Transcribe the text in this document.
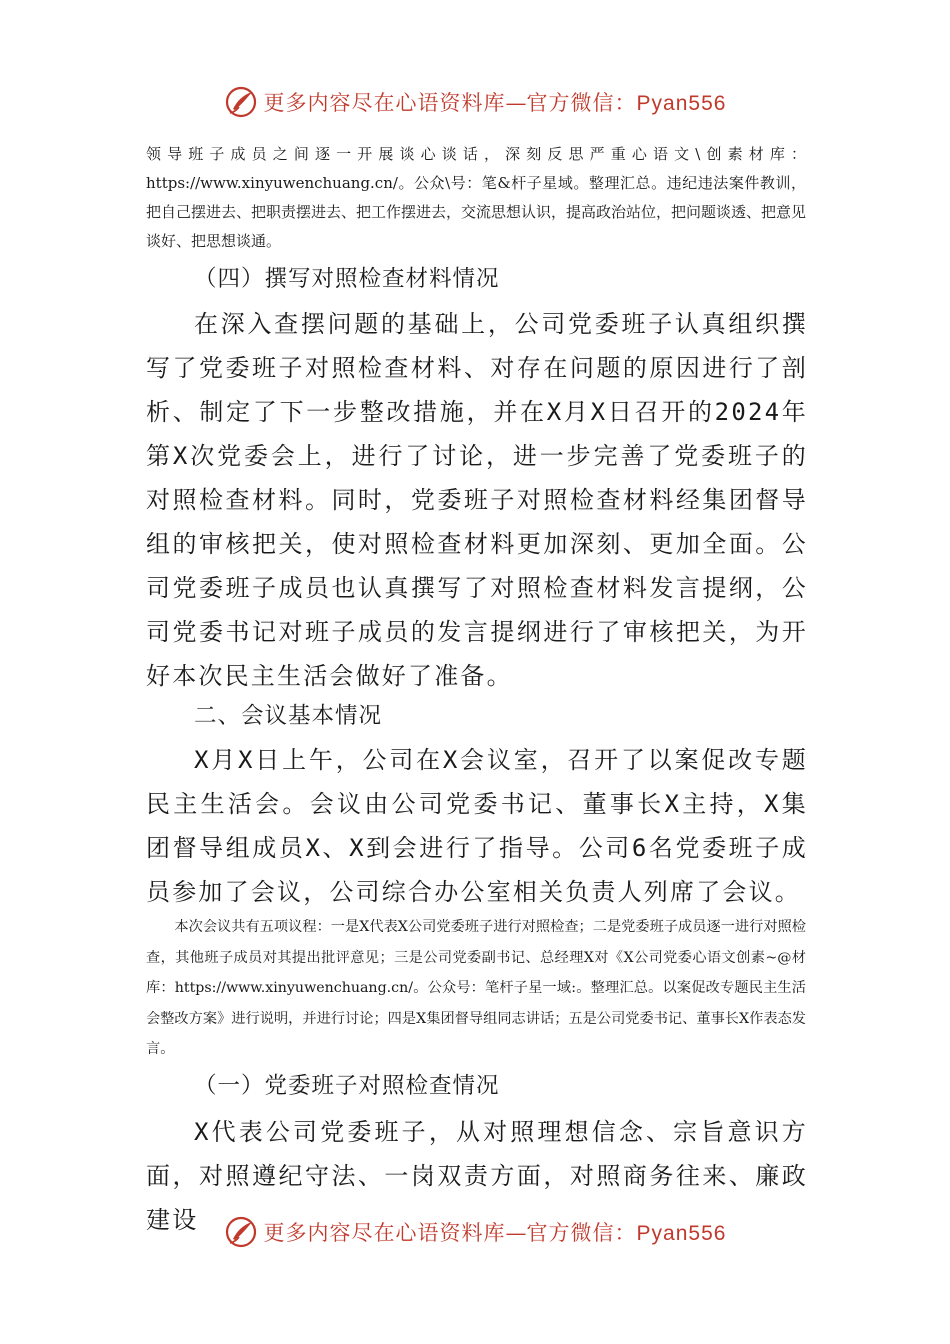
更多内容尽在心语资料库—官方微信：Pyan556

领导班子成员之间逐一开展谈心谈话，深刻反思严重心语文\创素材库：https://www.xinyuwenchuang.cn/。公众\号：笔&杆子星域。整理汇总。违纪违法案件教训，把自己摆进去、把职责摆进去、把工作摆进去，交流思想认识，提高政治站位，把问题谈透、把意见谈好、把思想谈通。

（四）撰写对照检查材料情况

在深入查摆问题的基础上，公司党委班子认真组织撰写了党委班子对照检查材料、对存在问题的原因进行了剖析、制定了下一步整改措施，并在X月X日召开的2024年第X次党委会上，进行了讨论，进一步完善了党委班子的对照检查材料。同时，党委班子对照检查材料经集团督导组的审核把关，使对照检查材料更加深刻、更加全面。公司党委班子成员也认真撰写了对照检查材料发言提纲，公司党委书记对班子成员的发言提纲进行了审核把关，为开好本次民主生活会做好了准备。

二、会议基本情况

X月X日上午，公司在X会议室，召开了以案促改专题民主生活会。会议由公司党委书记、董事长X主持，X集团督导组成员X、X到会进行了指导。公司6名党委班子成员参加了会议，公司综合办公室相关负责人列席了会议。

本次会议共有五项议程：一是X代表X公司党委班子进行对照检查；二是党委班子成员逐一进行对照检查，其他班子成员对其提出批评意见；三是公司党委副书记、总经理X对《X公司党委心语文创素~@材库：https://www.xinyuwenchuang.cn/。公众号：笔杆子星一域:。整理汇总。以案促改专题民主生活会整改方案》进行说明，并进行讨论；四是X集团督导组同志讲话；五是公司党委书记、董事长X作表态发言。

（一）党委班子对照检查情况

X代表公司党委班子，从对照理想信念、宗旨意识方面，对照遵纪守法、一岗双责方面，对照商务往来、廉政建设	更多内容尽在心语资料库—官方微信：Pyan556
